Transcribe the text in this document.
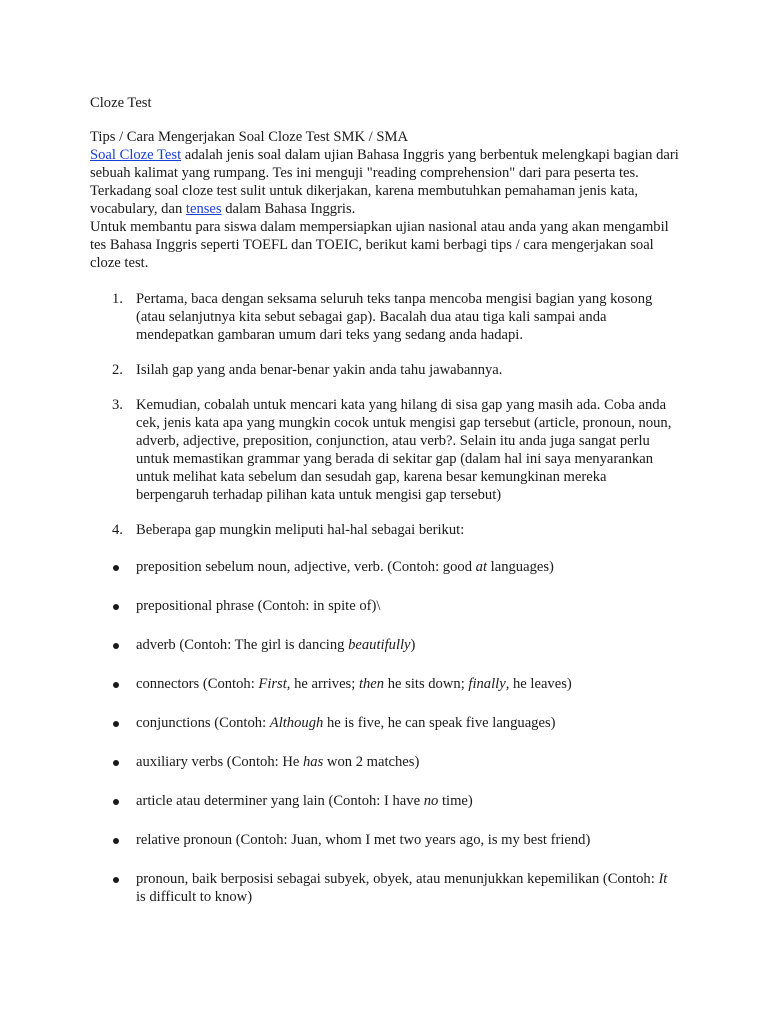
Cloze Test

Tips / Cara Mengerjakan Soal Cloze Test SMK / SMA

Soal Cloze Test adalah jenis soal dalam ujian Bahasa Inggris yang berbentuk melengkapi bagian dari sebuah kalimat yang rumpang. Tes ini menguji "reading comprehension" dari para peserta tes. Terkadang soal cloze test sulit untuk dikerjakan, karena membutuhkan pemahaman jenis kata, vocabulary, dan tenses dalam Bahasa Inggris.

Untuk membantu para siswa dalam mempersiapkan ujian nasional atau anda yang akan mengambil tes Bahasa Inggris seperti TOEFL dan TOEIC, berikut kami berbagi tips / cara mengerjakan soal cloze test.

1. Pertama, baca dengan seksama seluruh teks tanpa mencoba mengisi bagian yang kosong (atau selanjutnya kita sebut sebagai gap). Bacalah dua atau tiga kali sampai anda mendepatkan gambaran umum dari teks yang sedang anda hadapi.
2. Isilah gap yang anda benar-benar yakin anda tahu jawabannya.
3. Kemudian, cobalah untuk mencari kata yang hilang di sisa gap yang masih ada. Coba anda cek, jenis kata apa yang mungkin cocok untuk mengisi gap tersebut (article, pronoun, noun, adverb, adjective, preposition, conjunction, atau verb?. Selain itu anda juga sangat perlu untuk memastikan grammar yang berada di sekitar gap (dalam hal ini saya menyarankan untuk melihat kata sebelum dan sesudah gap, karena besar kemungkinan mereka berpengaruh terhadap pilihan kata untuk mengisi gap tersebut)
4. Beberapa gap mungkin meliputi hal-hal sebagai berikut:
preposition sebelum noun, adjective, verb. (Contoh: good at languages)
prepositional phrase (Contoh: in spite of)\
adverb (Contoh: The girl is dancing beautifully)
connectors (Contoh: First, he arrives; then he sits down; finally, he leaves)
conjunctions (Contoh: Although he is five, he can speak five languages)
auxiliary verbs (Contoh: He has won 2 matches)
article atau determiner yang lain (Contoh: I have no time)
relative pronoun (Contoh: Juan, whom I met two years ago, is my best friend)
pronoun, baik berposisi sebagai subyek, obyek, atau menunjukkan kepemilikan (Contoh: It is difficult to know)
